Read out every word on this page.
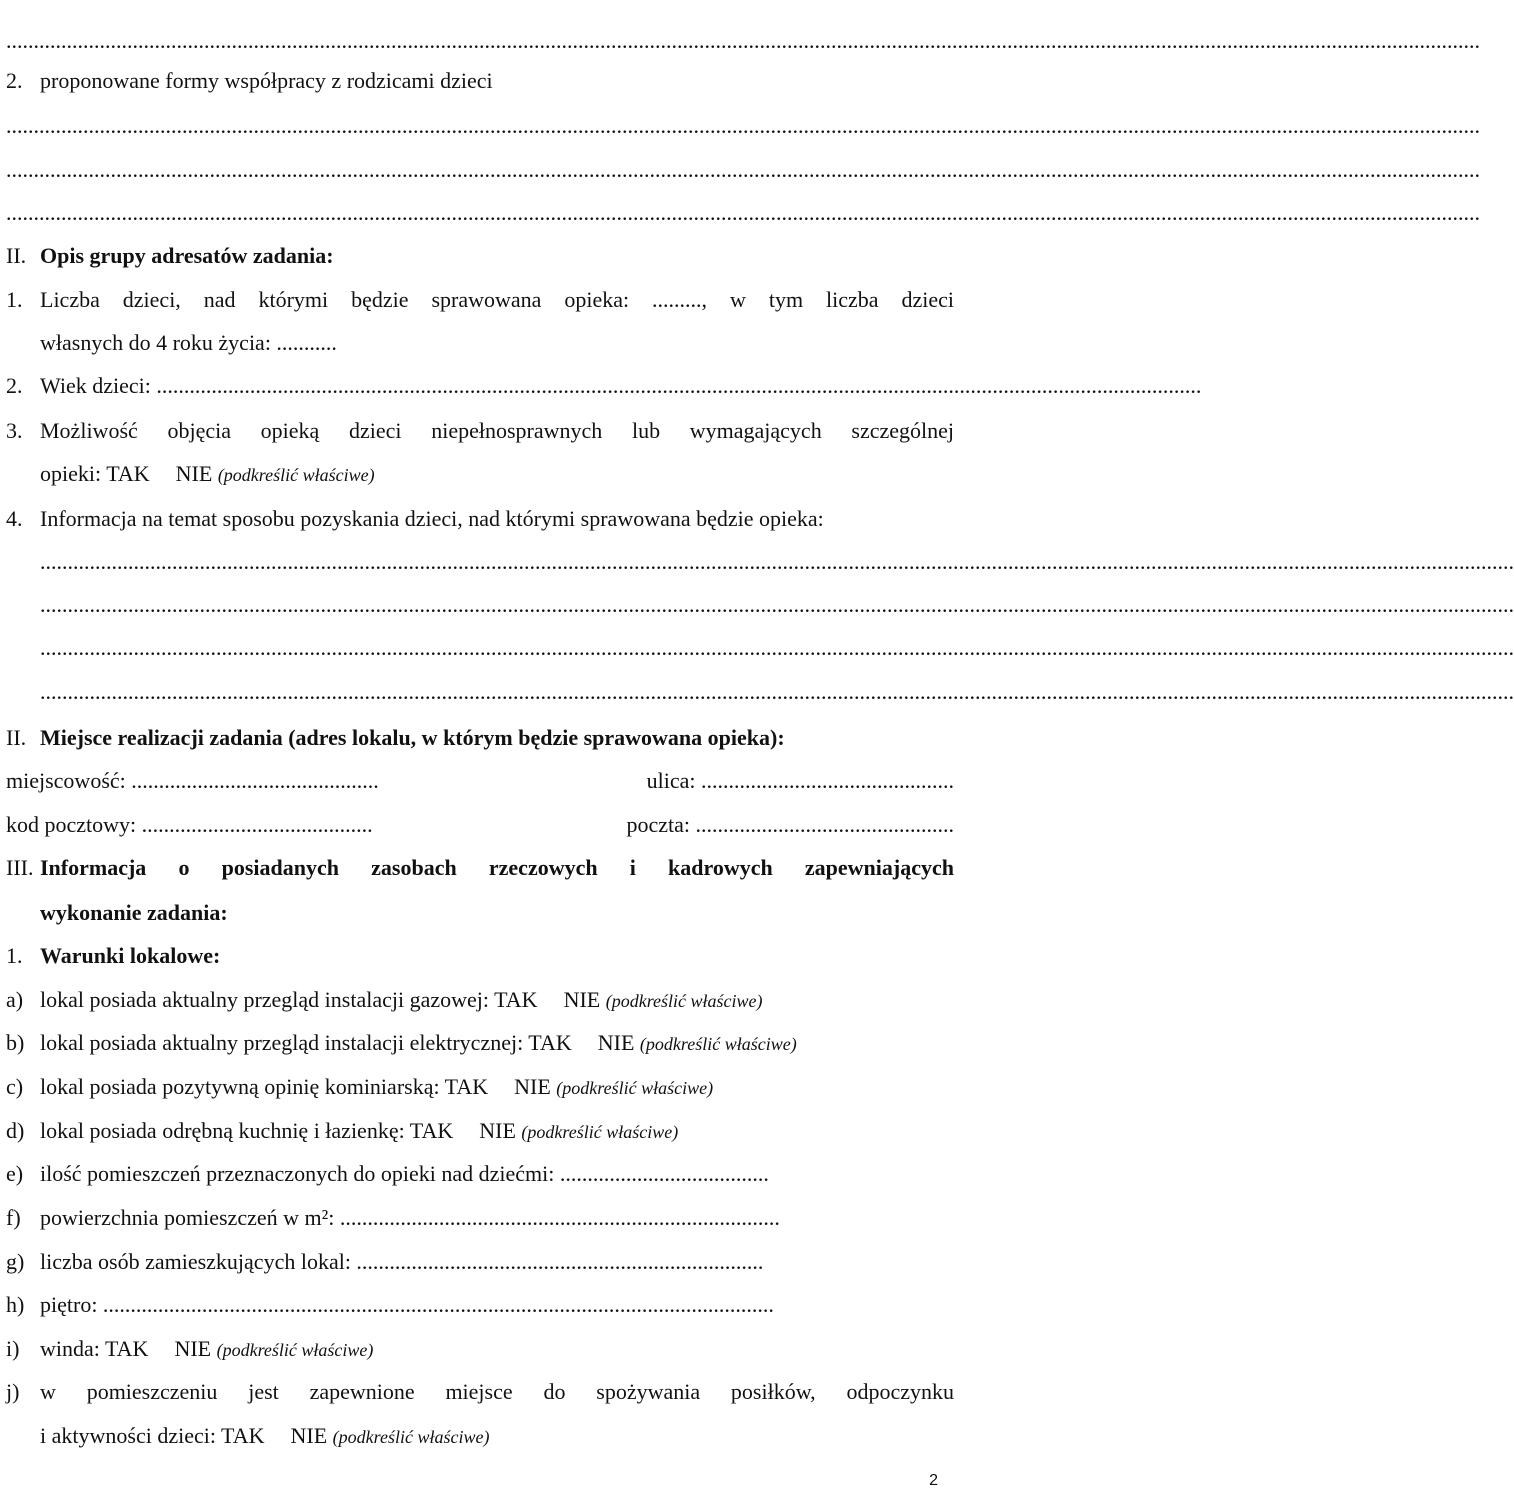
............................................................................................................................................................................................................................................................................
2. proponowane formy współpracy z rodzicami dzieci
............................................................................................................................................................................................................................................................................
............................................................................................................................................................................................................................................................................
............................................................................................................................................................................................................................................................................
II. Opis grupy adresatów zadania:
1. Liczba dzieci, nad którymi będzie sprawowana opieka: ........., w tym liczba dzieci
własnych do 4 roku życia: ...........
2. Wiek dzieci: ..............................................................................................................................................................................................
3. Możliwość objęcia opieką dzieci niepełnosprawnych lub wymagających szczególnej
opieki: TAK NIE (podkreślić właściwe)
4. Informacja na temat sposobu pozyskania dzieci, nad którymi sprawowana będzie opieka:
............................................................................................................................................................................................................................................................................
............................................................................................................................................................................................................................................................................
............................................................................................................................................................................................................................................................................
............................................................................................................................................................................................................................................................................
II. Miejsce realizacji zadania (adres lokalu, w którym będzie sprawowana opieka):
miejscowość: .............................................	ulica: ..............................................
kod pocztowy: ..........................................	poczta: ...............................................
III. Informacja o posiadanych zasobach rzeczowych i kadrowych zapewniających
wykonanie zadania:
1. Warunki lokalowe:
a) lokal posiada aktualny przegląd instalacji gazowej: TAK NIE (podkreślić właściwe)
b) lokal posiada aktualny przegląd instalacji elektrycznej: TAK NIE (podkreślić właściwe)
c) lokal posiada pozytywną opinię kominiarską: TAK NIE (podkreślić właściwe)
d) lokal posiada odrębną kuchnię i łazienkę: TAK NIE (podkreślić właściwe)
e) ilość pomieszczeń przeznaczonych do opieki nad dziećmi: ......................................
f) powierzchnia pomieszczeń w m²: ................................................................................
g) liczba osób zamieszkujących lokal: ..........................................................................
h) piętro: ..........................................................................................................................
i) winda: TAK NIE (podkreślić właściwe)
j) w pomieszczeniu jest zapewnione miejsce do spożywania posiłków, odpoczynku
i aktywności dzieci: TAK NIE (podkreślić właściwe)
2
